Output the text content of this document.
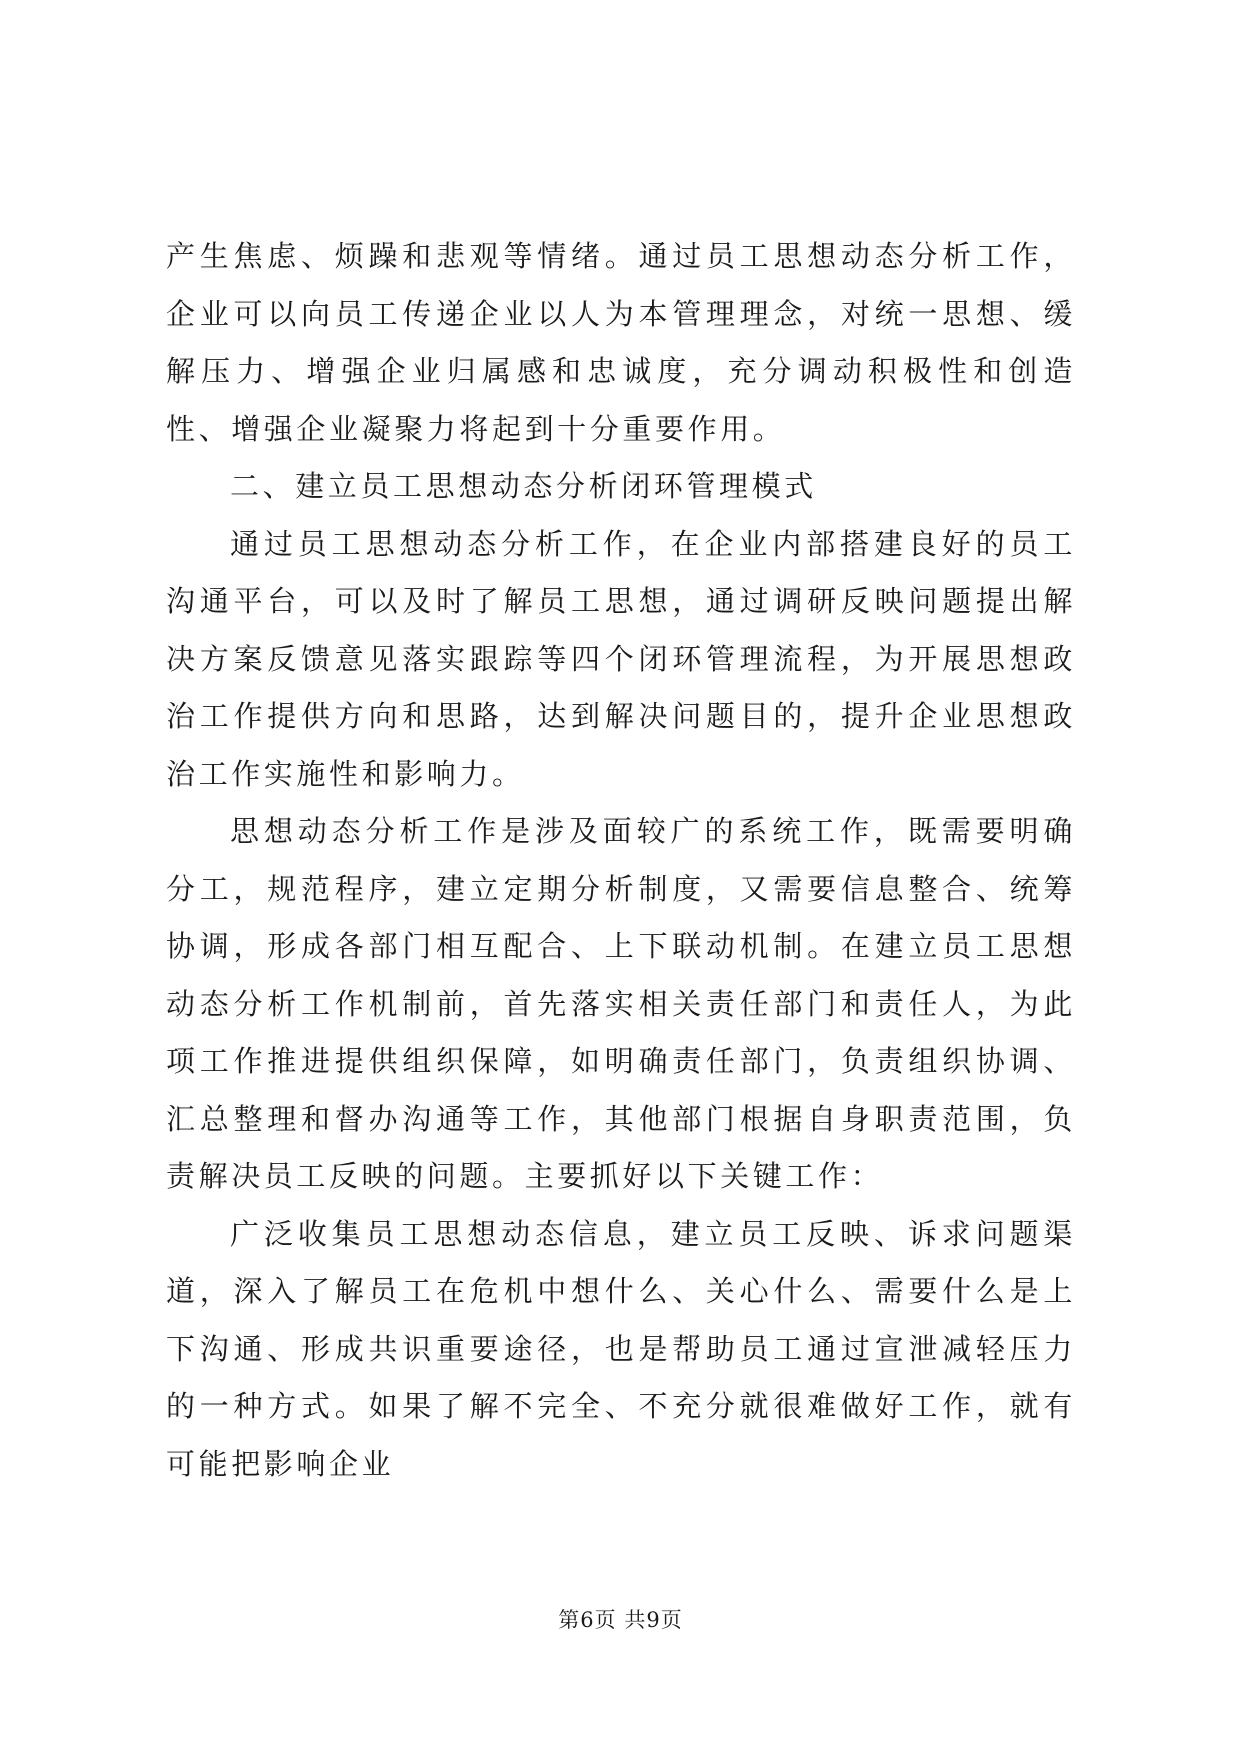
产生焦虑、烦躁和悲观等情绪。通过员工思想动态分析工作，企业可以向员工传递企业以人为本管理理念，对统一思想、缓解压力、增强企业归属感和忠诚度，充分调动积极性和创造性、增强企业凝聚力将起到十分重要作用。

二、建立员工思想动态分析闭环管理模式

通过员工思想动态分析工作，在企业内部搭建良好的员工沟通平台，可以及时了解员工思想，通过调研反映问题提出解决方案反馈意见落实跟踪等四个闭环管理流程，为开展思想政治工作提供方向和思路，达到解决问题目的，提升企业思想政治工作实施性和影响力。

思想动态分析工作是涉及面较广的系统工作，既需要明确分工，规范程序，建立定期分析制度，又需要信息整合、统筹协调，形成各部门相互配合、上下联动机制。在建立员工思想动态分析工作机制前，首先落实相关责任部门和责任人，为此项工作推进提供组织保障，如明确责任部门，负责组织协调、汇总整理和督办沟通等工作，其他部门根据自身职责范围，负责解决员工反映的问题。主要抓好以下关键工作：

广泛收集员工思想动态信息，建立员工反映、诉求问题渠道，深入了解员工在危机中想什么、关心什么、需要什么是上下沟通、形成共识重要途径，也是帮助员工通过宣泄减轻压力的一种方式。如果了解不完全、不充分就很难做好工作，就有可能把影响企业

第6页 共9页
